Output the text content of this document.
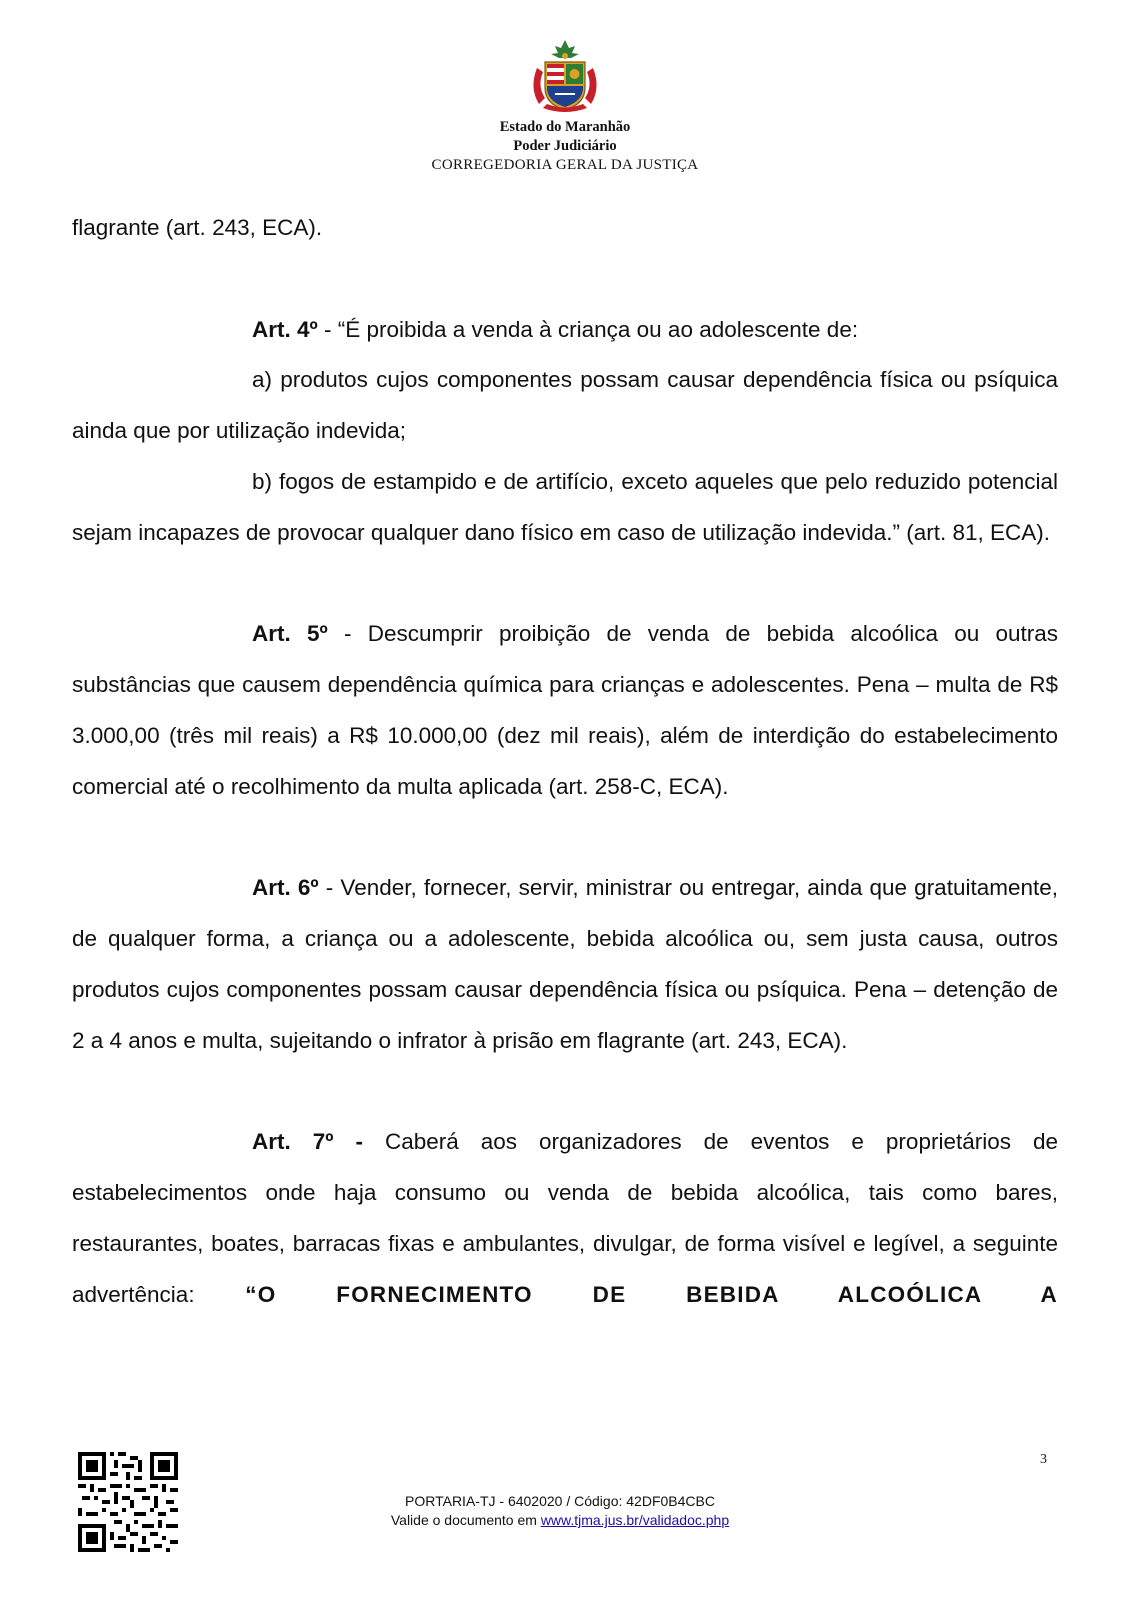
Estado do Maranhão
Poder Judiciário
CORREGEDORIA GERAL DA JUSTIÇA

flagrante (art. 243, ECA).

Art. 4º - “É proibida a venda à criança ou ao adolescente de:

a) produtos cujos componentes possam causar dependência física ou psíquica ainda que por utilização indevida;

b) fogos de estampido e de artifício, exceto aqueles que pelo reduzido potencial sejam incapazes de provocar qualquer dano físico em caso de utilização indevida.” (art. 81, ECA).

Art. 5º - Descumprir proibição de venda de bebida alcoólica ou outras substâncias que causem dependência química para crianças e adolescentes. Pena – multa de R$ 3.000,00 (três mil reais) a R$ 10.000,00 (dez mil reais), além de interdição do estabelecimento comercial até o recolhimento da multa aplicada (art. 258-C, ECA).

Art. 6º - Vender, fornecer, servir, ministrar ou entregar, ainda que gratuitamente, de qualquer forma, a criança ou a adolescente, bebida alcoólica ou, sem justa causa, outros produtos cujos componentes possam causar dependência física ou psíquica. Pena – detenção de 2 a 4 anos e multa, sujeitando o infrator à prisão em flagrante (art. 243, ECA).

Art. 7º - Caberá aos organizadores de eventos e proprietários de estabelecimentos onde haja consumo ou venda de bebida alcoólica, tais como bares, restaurantes, boates, barracas fixas e ambulantes, divulgar, de forma visível e legível, a seguinte advertência: “O FORNECIMENTO DE BEBIDA ALCOÓLICA A

PORTARIA-TJ - 6402020 / Código: 42DF0B4CBC
Valide o documento em www.tjma.jus.br/validadoc.php
3
